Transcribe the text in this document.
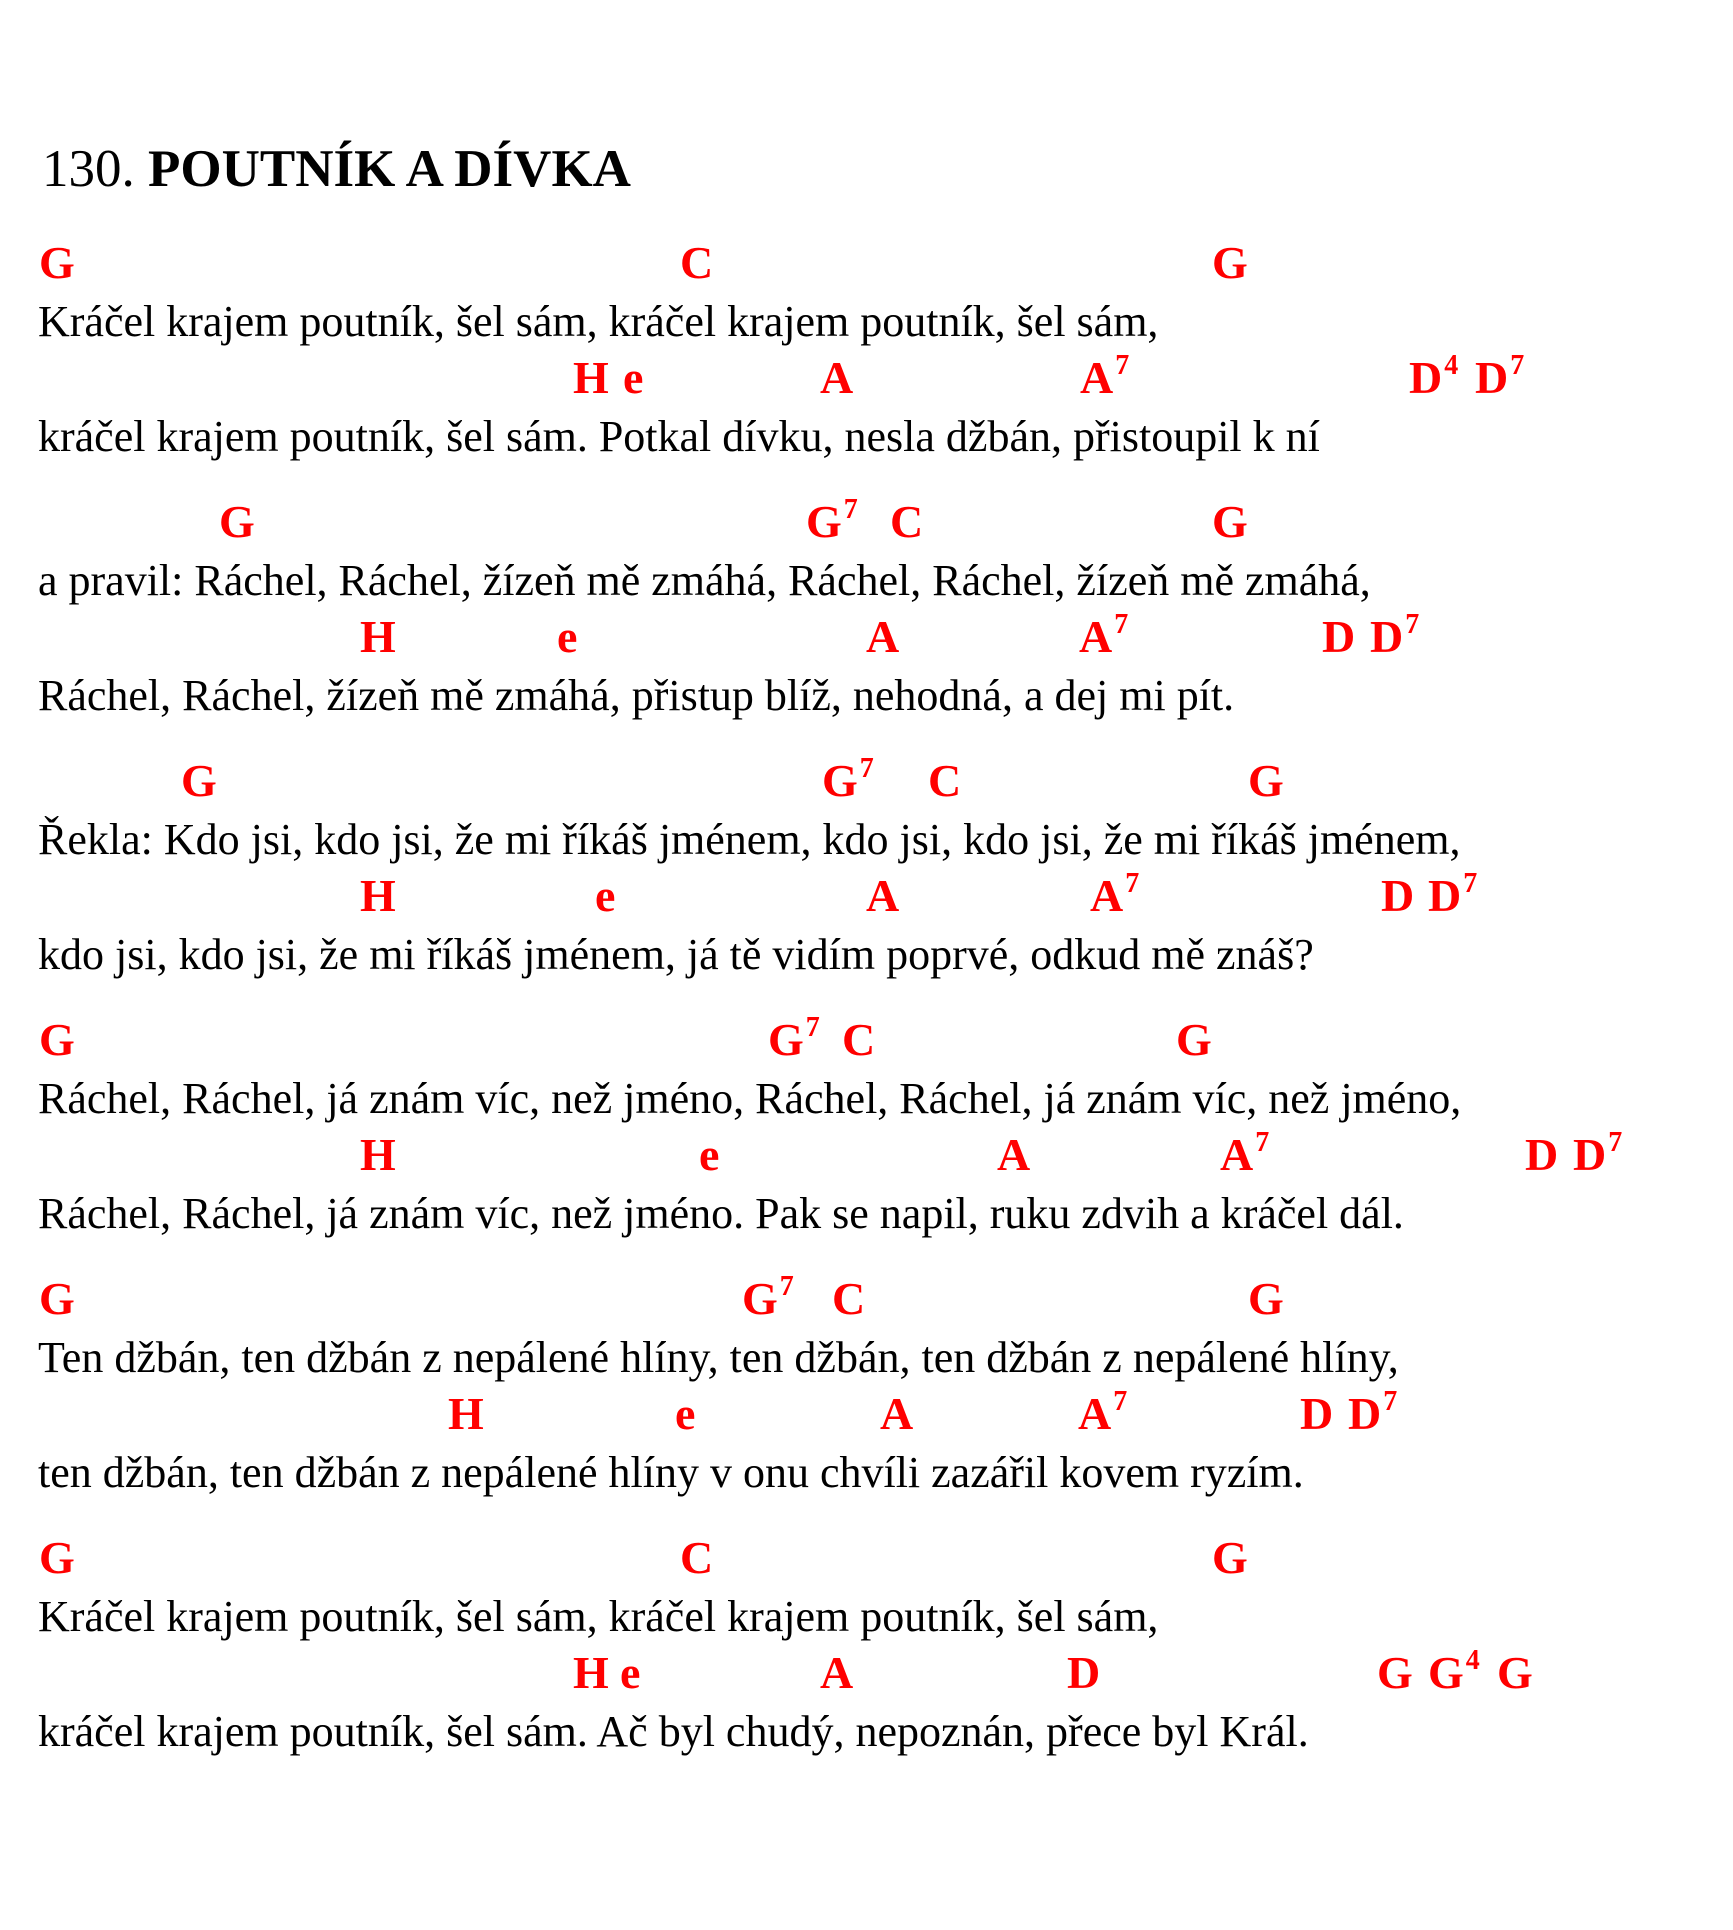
130. POUTNÍK A DÍVKA
G	C	G
Kráčel krajem poutník, šel sám, kráčel krajem poutník, šel sám,
H e	A	$A^7$	$D^4$ $D^7$
kráčel krajem poutník, šel sám. Potkal dívku, nesla džbán, přistoupil k ní
G	$G^7$ C	G
a pravil: Ráchel, Ráchel, žízeň mě zmáhá, Ráchel, Ráchel, žízeň mě zmáhá,
H	e	A	$A^7$	D $D^7$
Ráchel, Ráchel, žízeň mě zmáhá, přistup blíž, nehodná, a dej mi pít.
G	$G^7$ C	G
Řekla: Kdo jsi, kdo jsi, že mi říkáš jménem, kdo jsi, kdo jsi, že mi říkáš jménem,
H	e	A	$A^7$	D $D^7$
kdo jsi, kdo jsi, že mi říkáš jménem, já tě vidím poprvé, odkud mě znáš?
G	$G^7$ C	G
Ráchel, Ráchel, já znám víc, než jméno, Ráchel, Ráchel, já znám víc, než jméno,
H	e	A	$A^7$	D $D^7$
Ráchel, Ráchel, já znám víc, než jméno. Pak se napil, ruku zdvih a kráčel dál.
G	$G^7$ C	G
Ten džbán, ten džbán z nepálené hlíny, ten džbán, ten džbán z nepálené hlíny,
H	e	A	$A^7$	D $D^7$
ten džbán, ten džbán z nepálené hlíny v onu chvíli zazářil kovem ryzím.
G	C	G
Kráčel krajem poutník, šel sám, kráčel krajem poutník, šel sám,
H e	A	D	G $G^4$ G
kráčel krajem poutník, šel sám. Ač byl chudý, nepoznán, přece byl Král.
